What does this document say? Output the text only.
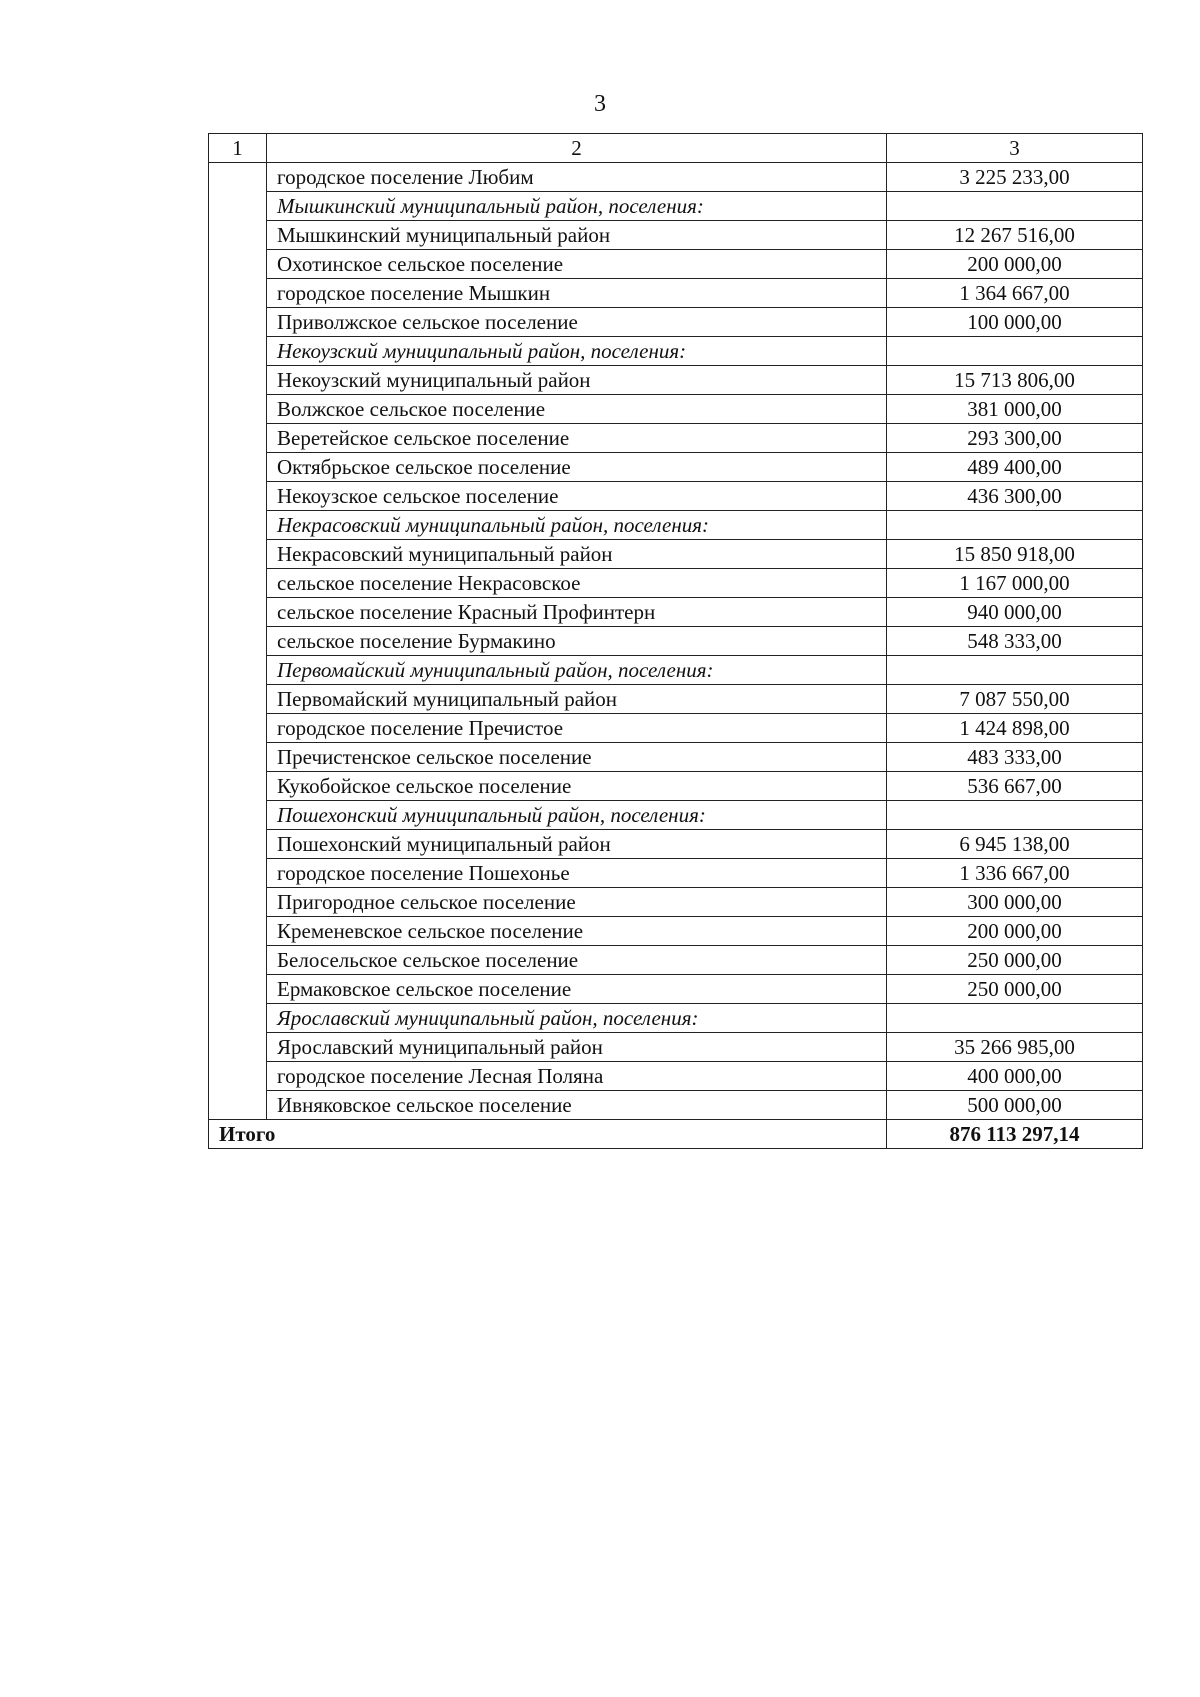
3
1	2	3
	городское поселение Любим	3 225 233,00
	Мышкинский муниципальный район, поселения:	
	Мышкинский муниципальный район	12 267 516,00
	Охотинское сельское поселение	200 000,00
	городское поселение Мышкин	1 364 667,00
	Приволжское сельское поселение	100 000,00
	Некоузский муниципальный район, поселения:	
	Некоузский муниципальный район	15 713 806,00
	Волжское сельское поселение	381 000,00
	Веретейское сельское поселение	293 300,00
	Октябрьское сельское поселение	489 400,00
	Некоузское сельское поселение	436 300,00
	Некрасовский муниципальный район, поселения:	
	Некрасовский муниципальный район	15 850 918,00
	сельское поселение Некрасовское	1 167 000,00
	сельское поселение Красный Профинтерн	940 000,00
	сельское поселение Бурмакино	548 333,00
	Первомайский муниципальный район, поселения:	
	Первомайский муниципальный район	7 087 550,00
	городское поселение Пречистое	1 424 898,00
	Пречистенское сельское поселение	483 333,00
	Кукобойское сельское поселение	536 667,00
	Пошехонский муниципальный район, поселения:	
	Пошехонский муниципальный район	6 945 138,00
	городское поселение Пошехонье	1 336 667,00
	Пригородное сельское поселение	300 000,00
	Кременевское сельское поселение	200 000,00
	Белосельское сельское поселение	250 000,00
	Ермаковское сельское поселение	250 000,00
	Ярославский муниципальный район, поселения:	
	Ярославский муниципальный район	35 266 985,00
	городское поселение Лесная Поляна	400 000,00
	Ивняковское сельское поселение	500 000,00
Итого		876 113 297,14
